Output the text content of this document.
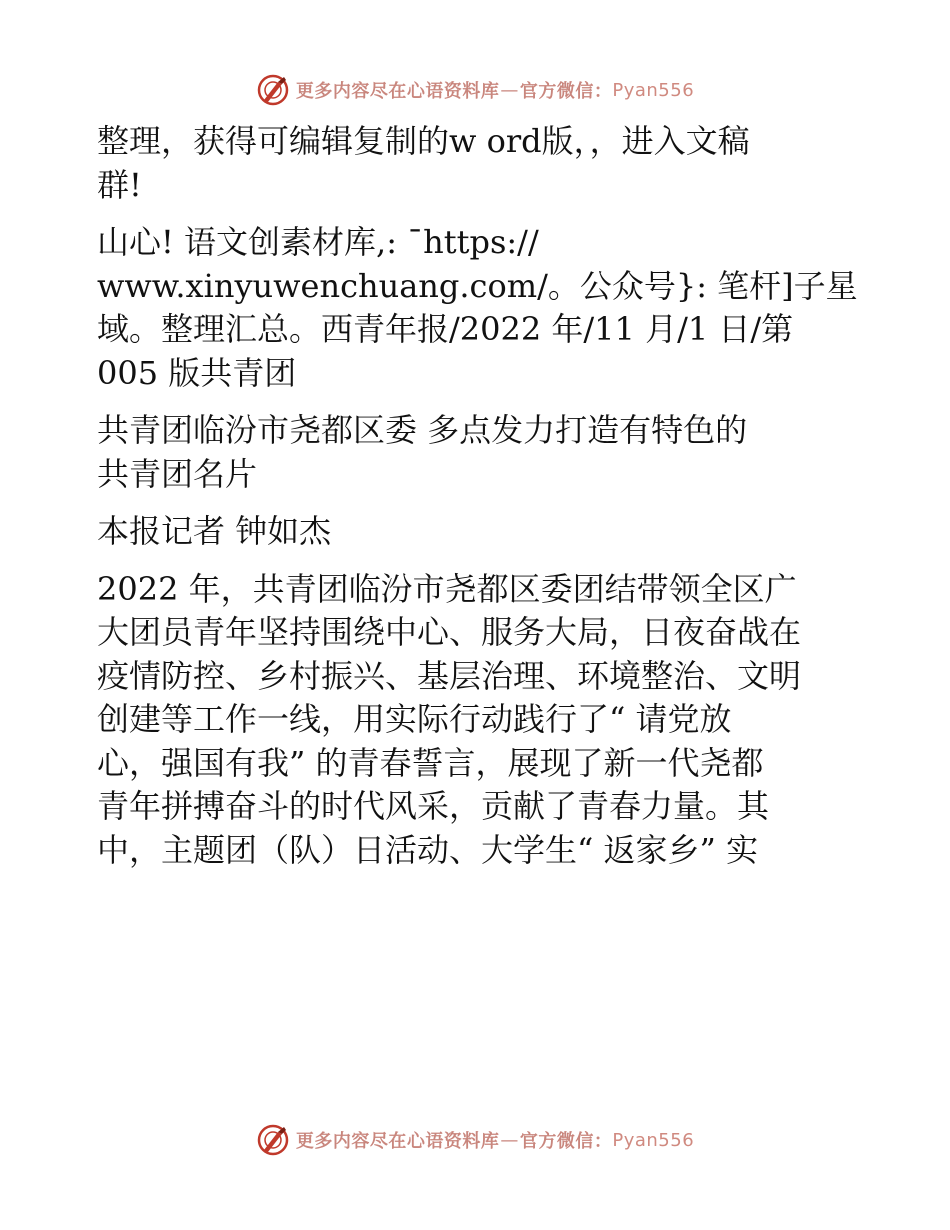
更多内容尽在心语资料库 — 官方微信： Pyan556
整理，获得可编辑复制的w ord版，，进入文稿
群!
山心! 语文创素材库,: ¯https://
www.xinyuwenchuang.com/。公众号}: 笔杆]子星
域。整理汇总。西青年报/2022 年/11 月/1 日/第
005 版共青团
共青团临汾市尧都区委 多点发力打造有特色的
共青团名片
本报记者 钟如杰
2022 年，共青团临汾市尧都区委团结带领全区广
大团员青年坚持围绕中心、服务大局，日夜奋战在
疫情防控、乡村振兴、基层治理、环境整治、文明
创建等工作一线，用实际行动践行了“ 请党放
心，强国有我” 的青春誓言，展现了新一代尧都
青年拼搏奋斗的时代风采，贡献了青春力量。其
中，主题团（队）日活动、大学生“ 返家乡” 实
更多内容尽在心语资料库 — 官方微信： Pyan556
